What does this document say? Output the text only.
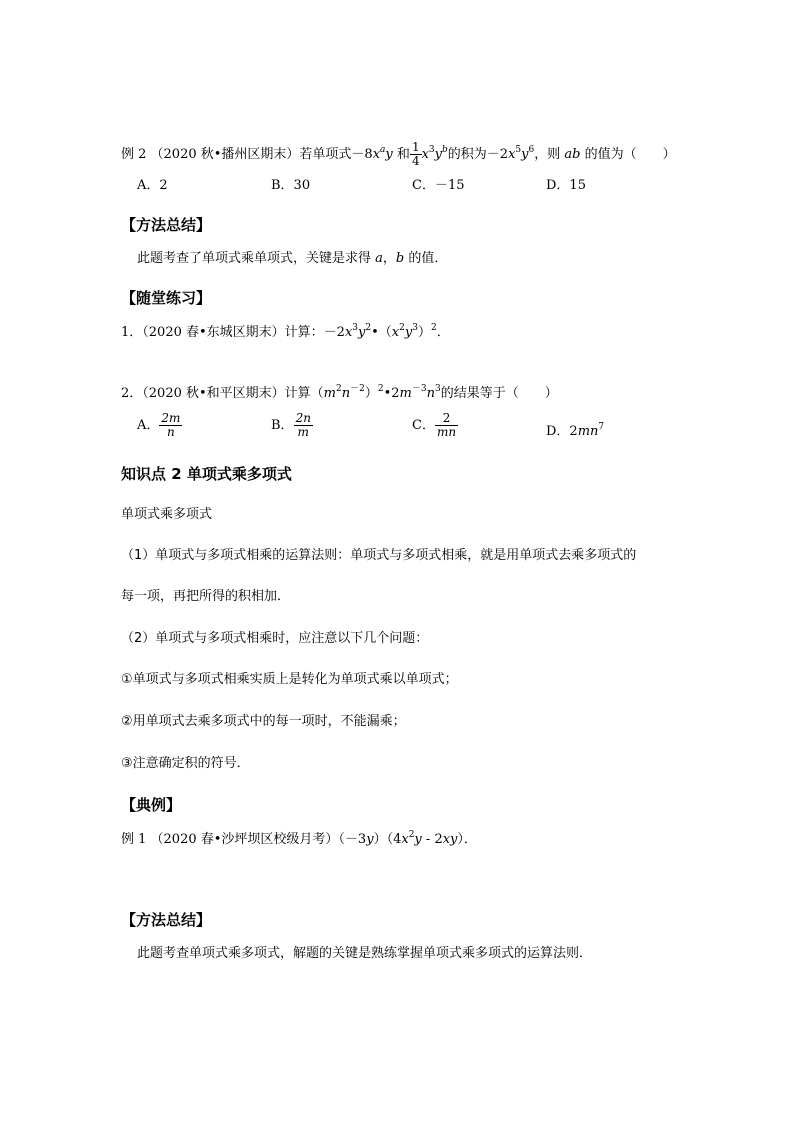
例 2 （2020 秋•播州区期末）若单项式$-8x^ay$ 和 $\frac{1}{4} x^3y^b$的积为$-2x^5y^6$，则 ab 的值为（　　）
A．2	B．30	C．－15	D．15
【方法总结】
此题考查了单项式乘单项式，关键是求得 a，b 的值．
【随堂练习】
1．（2020 春•东城区期末）计算：$-2x^3y^2•(x^2y^3)^2$．
2．（2020 秋•和平区期末）计算$(m^2n^{-2})^2•2m^{-3}n^3$的结果等于（　　）
A． $\frac{2m}{n}$	B． $\frac{2n}{m}$	C． $\frac{2}{mn}$	D．$2mn^7$
知识点 2 单项式乘多项式
单项式乘多项式
（1）单项式与多项式相乘的运算法则：单项式与多项式相乘，就是用单项式去乘多项式的
每一项，再把所得的积相加．
（2）单项式与多项式相乘时，应注意以下几个问题：
①单项式与多项式相乘实质上是转化为单项式乘以单项式；
②用单项式去乘多项式中的每一项时，不能漏乘；
③注意确定积的符号．
【典例】
例 1 （2020 春•沙坪坝区校级月考）$(-3y)(4x^2y - 2xy)$．
【方法总结】
此题考查单项式乘多项式，解题的关键是熟练掌握单项式乘多项式的运算法则．
